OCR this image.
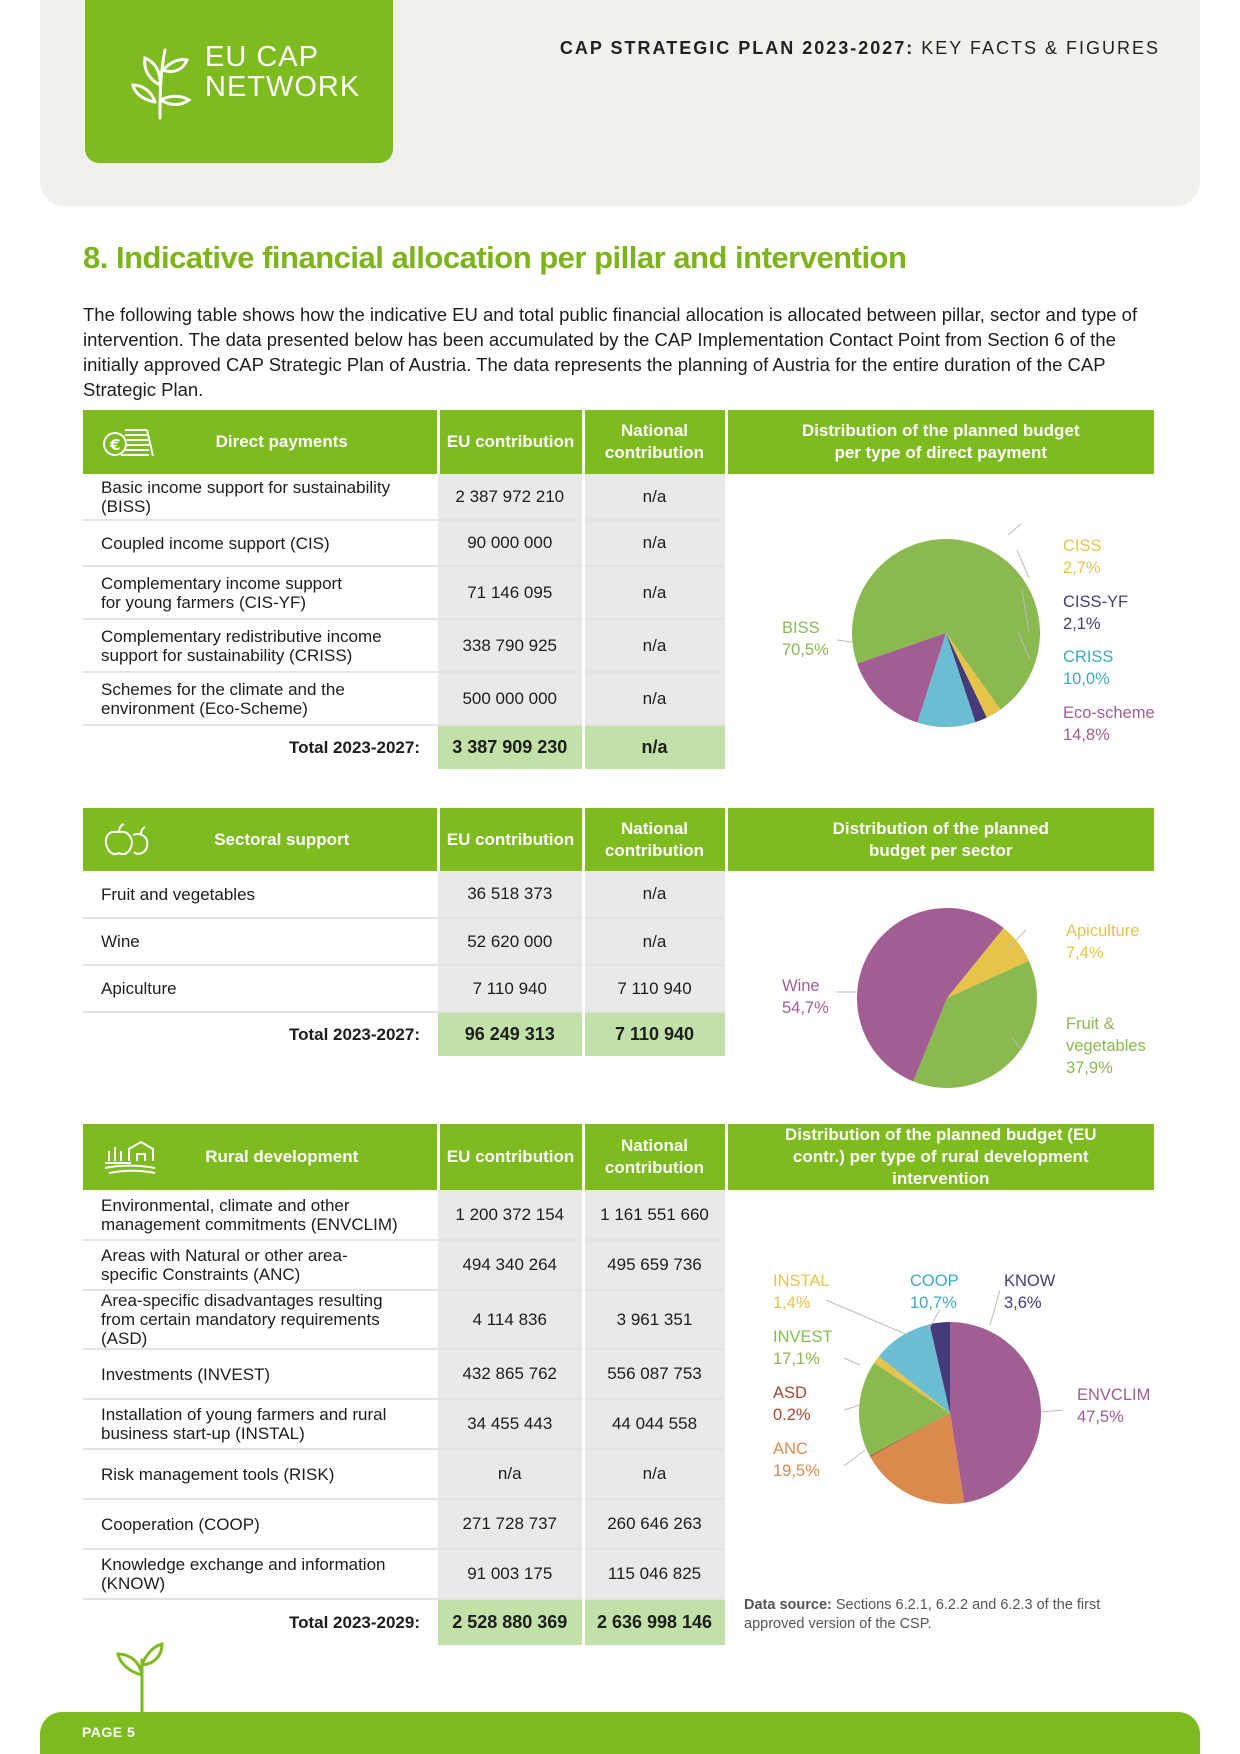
EU CAP
NETWORK
CAP STRATEGIC PLAN 2023-2027: KEY FACTS & FIGURES
8. Indicative financial allocation per pillar and intervention

The following table shows how the indicative EU and total public financial allocation is allocated between pillar, sector and type of intervention. The data presented below has been accumulated by the CAP Implementation Contact Point from Section 6 of the initially approved CAP Strategic Plan of Austria. The data represents the planning of Austria for the entire duration of the CAP Strategic Plan.

€ Direct payments	EU contribution	National contribution	Distribution of the planned budget per type of direct payment
Basic income support for sustainability (BISS)	2 387 972 210	n/a	
Coupled income support (CIS)	90 000 000	n/a	
Complementary income support for young farmers (CIS-YF)	71 146 095	n/a	
Complementary redistributive income support for sustainability (CRISS)	338 790 925	n/a	
Schemes for the climate and the environment (Eco-Scheme)	500 000 000	n/a	
Total 2023-2027:	3 387 909 230	n/a	
BISS
70,5%
CISS
2,7%
CISS-YF
2,1%
CRISS
10,0%
Eco-scheme
14,8%
Sectoral support	EU contribution	National contribution	Distribution of the planned budget per sector
Fruit and vegetables	36 518 373	n/a	
Wine	52 620 000	n/a	
Apiculture	7 110 940	7 110 940	
Total 2023-2027:	96 249 313	7 110 940	
Apiculture
7,4%
Fruit & vegetables
37,9%
Wine
54,7%
Rural development	EU contribution	National contribution	Distribution of the planned budget (EU contr.) per type of rural development intervention
Environmental, climate and other management commitments (ENVCLIM)	1 200 372 154	1 161 551 660	
Areas with Natural or other area-specific Constraints (ANC)	494 340 264	495 659 736	
Area-specific disadvantages resulting from certain mandatory requirements (ASD)	4 114 836	3 961 351	
Investments (INVEST)	432 865 762	556 087 753	
Installation of young farmers and rural business start-up (INSTAL)	34 455 443	44 044 558	
Risk management tools (RISK)	n/a	n/a	
Cooperation (COOP)	271 728 737	260 646 263	
Knowledge exchange and information (KNOW)	91 003 175	115 046 825	
Total 2023-2029:	2 528 880 369	2 636 998 146	
INSTAL
1,4%
COOP
10,7%
KNOW
3,6%
INVEST
17,1%
ASD
0.2%
ANC
19,5%
ENVCLIM
47,5%
Data source: Sections 6.2.1, 6.2.2 and 6.2.3 of the first approved version of the CSP.
PAGE 5
